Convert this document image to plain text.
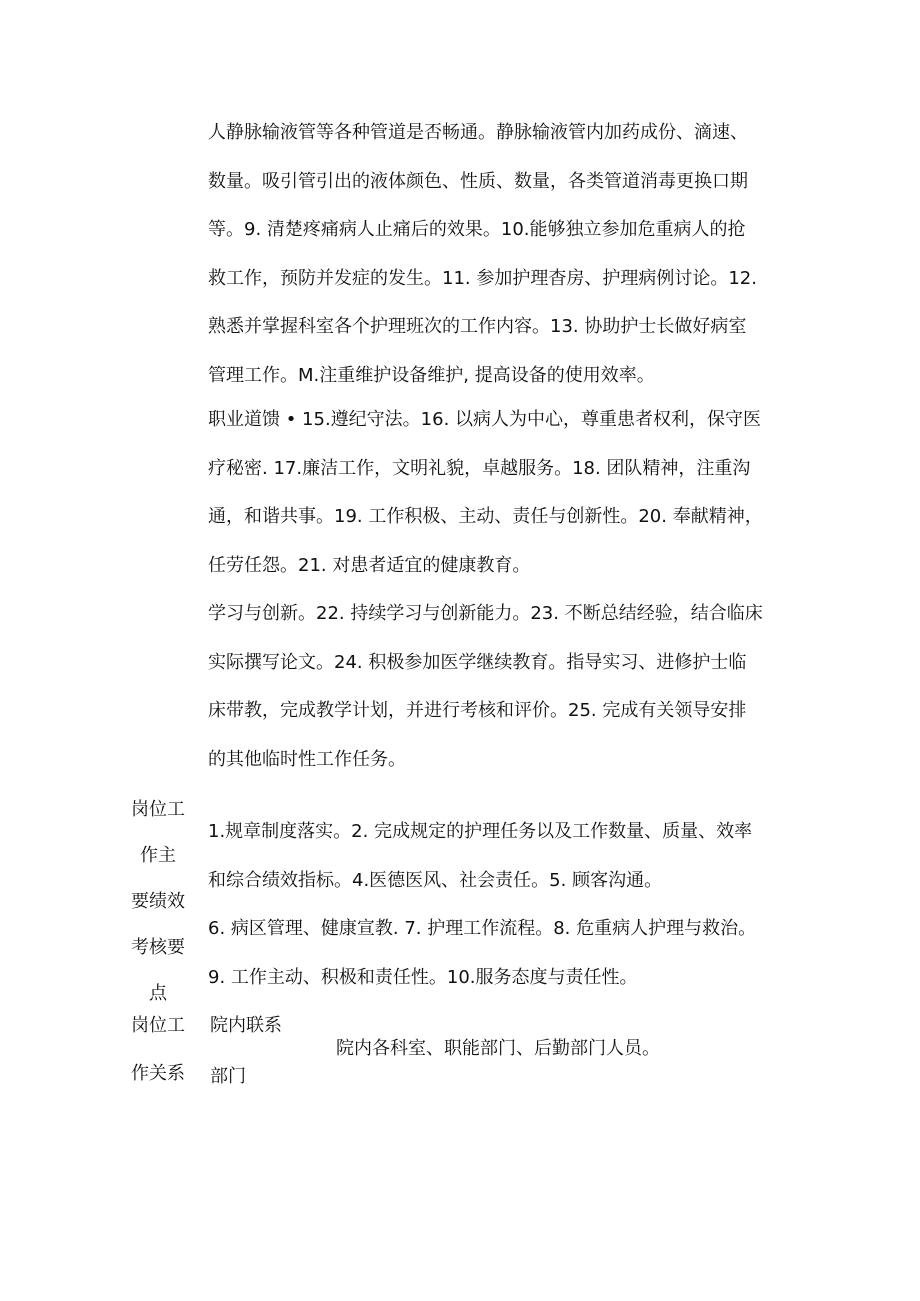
人静脉输液管等各种管道是否畅通。静脉输液管内加药成份、滴速、
数量。吸引管引出的液体颜色、性质、数量，各类管道消毒更换口期
等。9. 清楚疼痛病人止痛后的效果。10.能够独立参加危重病人的抢
救工作，预防并发症的发生。11. 参加护理杳房、护理病例讨论。12.
熟悉并掌握科室各个护理班次的工作内容。13. 协助护士长做好病室
管理工作。M.注重维护设备维护, 提高设备的使用效率。
职业道馈 • 15.遵纪守法。16. 以病人为中心，尊重患者权利，保守医
疗秘密. 17.廉洁工作，文明礼貌，卓越服务。18. 团队精神，注重沟
通，和谐共事。19. 工作积极、主动、责任与创新性。20. 奉献精神，
任劳任怨。21. 对患者适宜的健康教育。
学习与创新。22. 持续学习与创新能力。23. 不断总结经验，结合临床
实际撰写论文。24. 积极参加医学继续教育。指导实习、进修护士临
床带教，完成教学计划，并进行考核和评价。25. 完成有关领导安排
的其他临时性工作任务。
岗位工
作主
要绩效
考核要
点
1.规章制度落实。2. 完成规定的护理任务以及工作数量、质量、效率
和综合绩效指标。4.医德医风、社会责任。5. 顾客沟通。
6. 病区管理、健康宣教. 7. 护理工作流程。8. 危重病人护理与救治。
9. 工作主动、积极和责任性。10.服务态度与责任性。
岗位工
作关系
院内联系
部门
院内各科室、职能部门、后勤部门人员。
